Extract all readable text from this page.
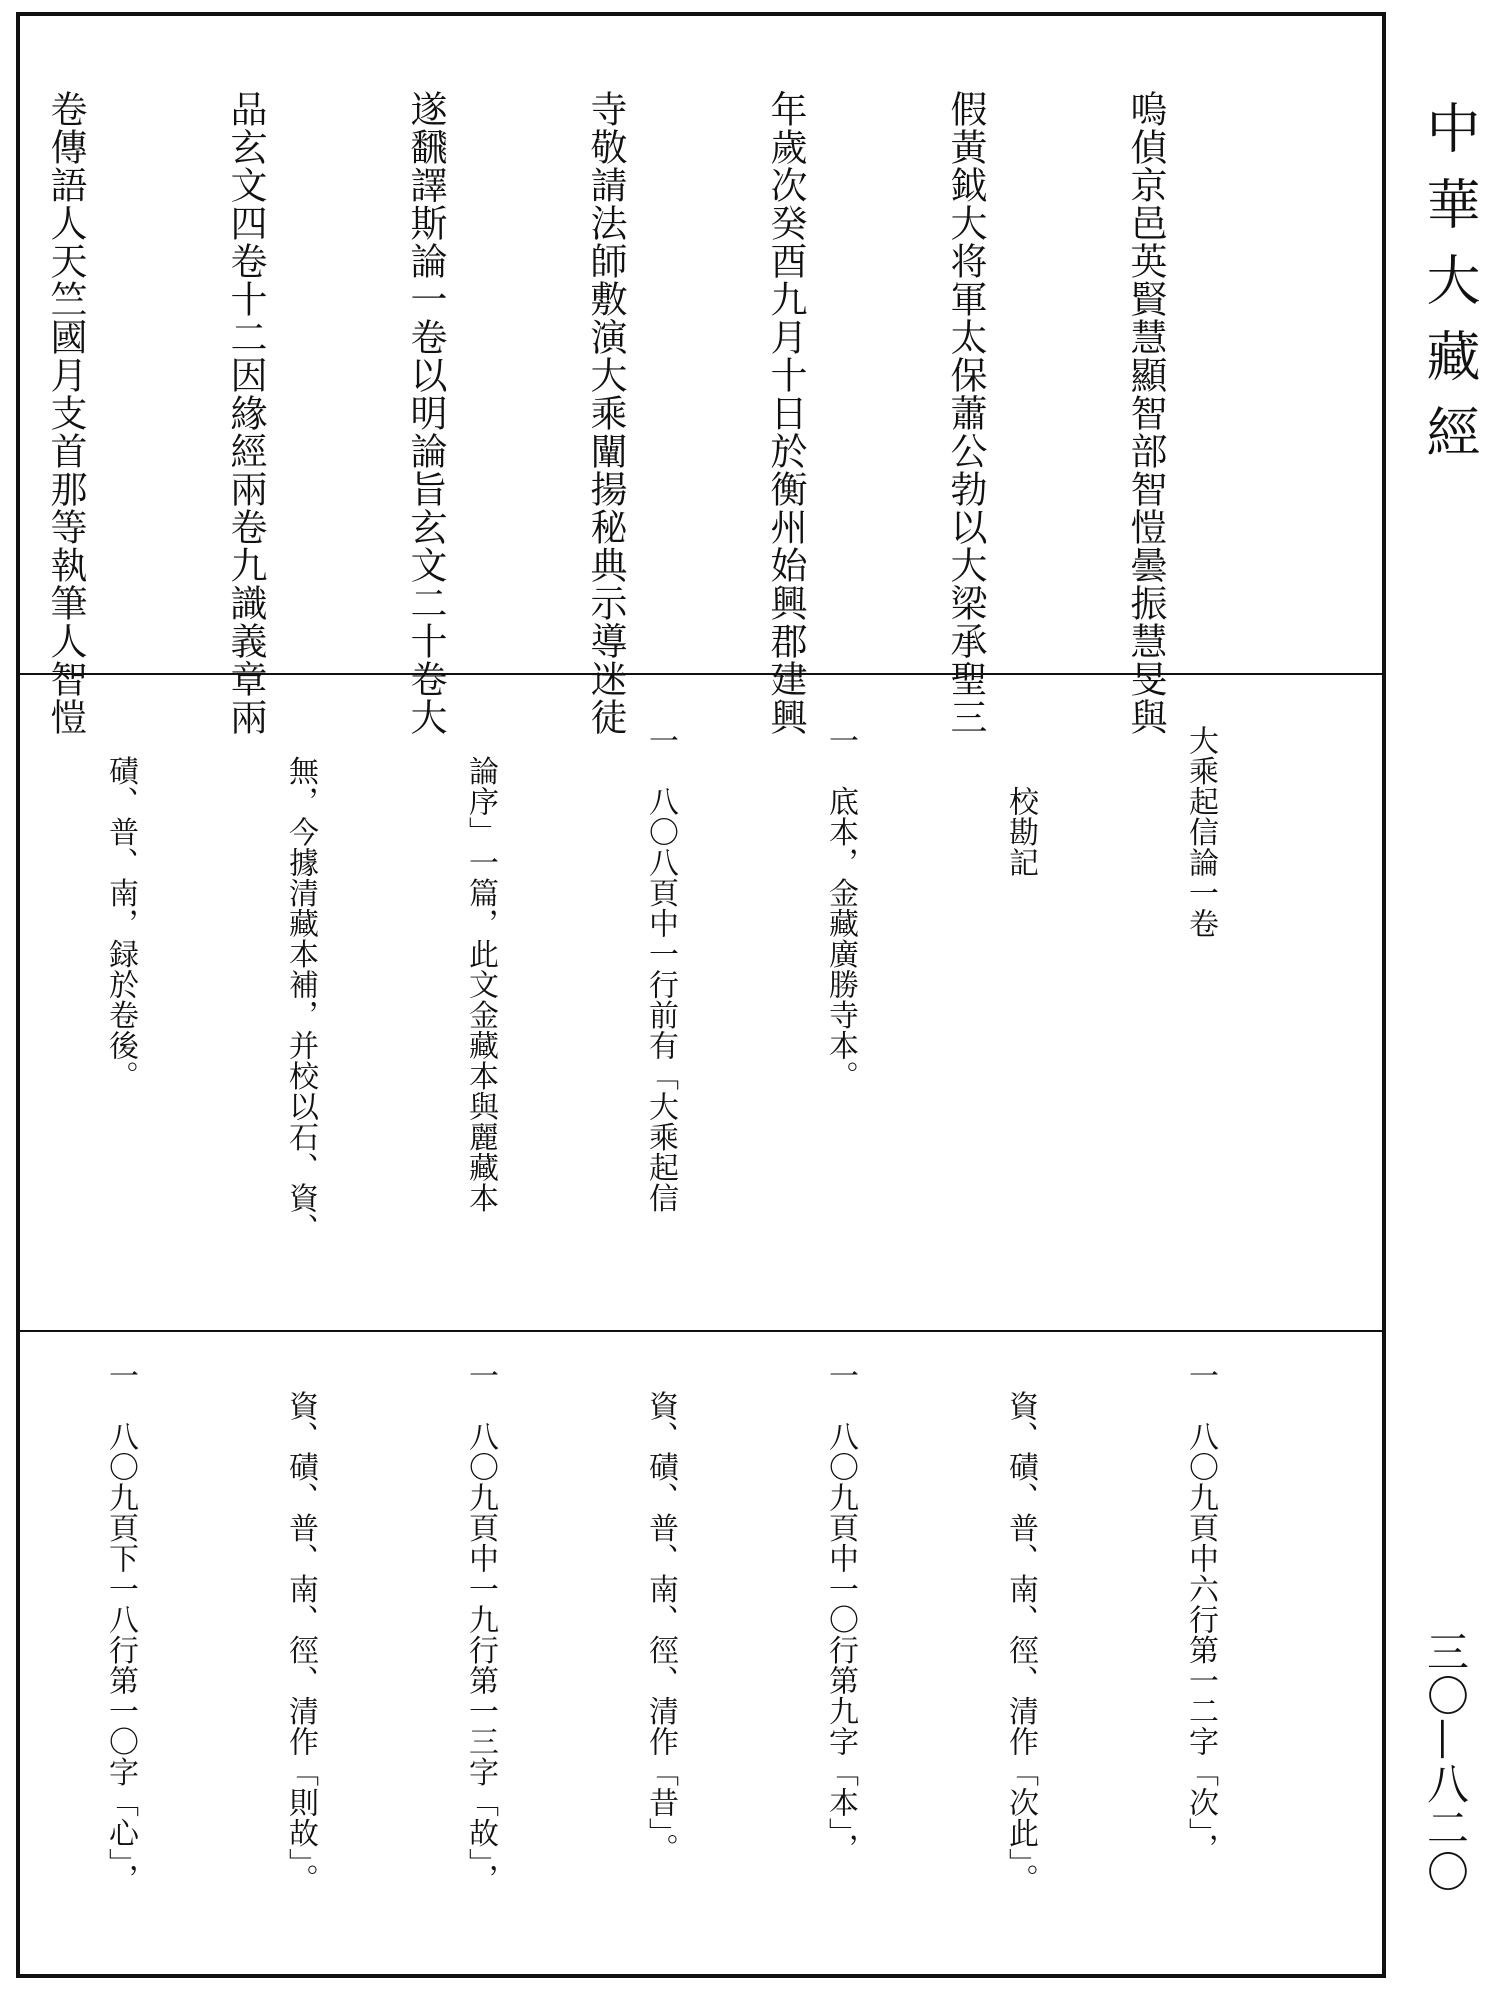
中華大藏經
三〇—八二〇

嗚偵京邑英賢慧顯智部智愷曇振慧旻與

假黃鉞大将軍太保蕭公勃以大梁承聖三

年歲次癸酉九月十日於衡州始興郡建興

寺敬請法師敷演大乘闡揚秘典示導迷徒

遂飜譯斯論一卷以明論旨玄文二十卷大

品玄文四卷十二因緣經兩卷九識義章兩

卷傳語人天竺國月支首那等執筆人智愷

大乘起信論一卷

　　校勘記

一　底本，金藏廣勝寺本。

一　八〇八頁中一行前有「大乘起信

　論序」一篇，此文金藏本與麗藏本

　無，今據清藏本補，并校以石、資、

　磧、普、南，録於卷後。

一　八〇九頁中六行第一二字「次」，

　資、磧、普、南、徑、清作「次此」。

一　八〇九頁中一〇行第九字「本」，

　資、磧、普、南、徑、清作「昔」。

一　八〇九頁中一九行第一三字「故」，

　資、磧、普、南、徑、清作「則故」。

一　八〇九頁下一八行第一〇字「心」，
